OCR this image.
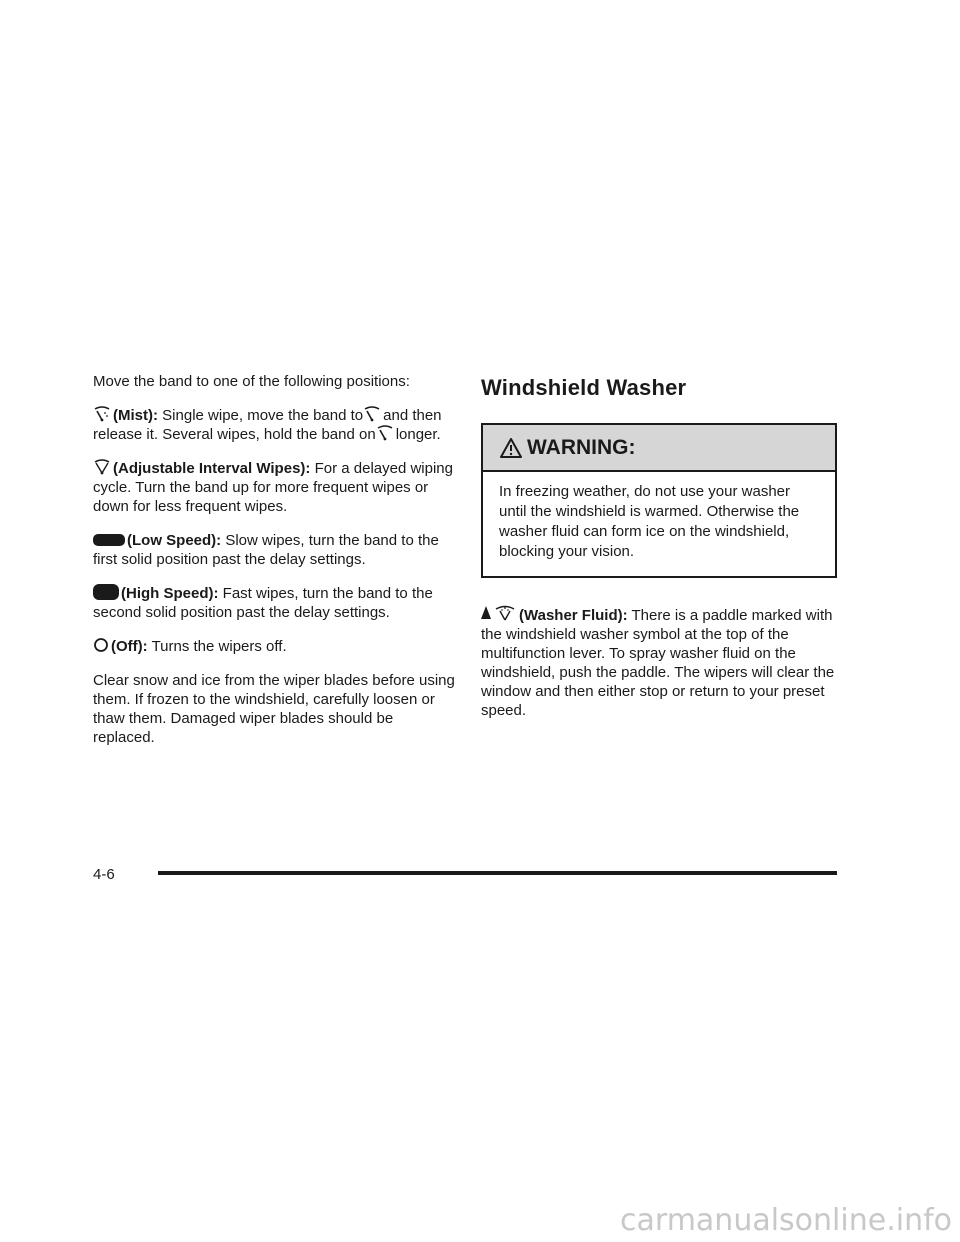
Move the band to one of the following positions:

(Mist): Single wipe, move the band to and then release it. Several wipes, hold the band on longer.

(Adjustable Interval Wipes): For a delayed wiping cycle. Turn the band up for more frequent wipes or down for less frequent wipes.

(Low Speed): Slow wipes, turn the band to the first solid position past the delay settings.

(High Speed): Fast wipes, turn the band to the second solid position past the delay settings.

(Off): Turns the wipers off.

Clear snow and ice from the wiper blades before using them. If frozen to the windshield, carefully loosen or thaw them. Damaged wiper blades should be replaced.

Windshield Washer
WARNING:
In freezing weather, do not use your washer until the windshield is warmed. Otherwise the washer fluid can form ice on the windshield, blocking your vision.

(Washer Fluid): There is a paddle marked with the windshield washer symbol at the top of the multifunction lever. To spray washer fluid on the windshield, push the paddle. The wipers will clear the window and then either stop or return to your preset speed.

4-6
carmanualsonline.info
